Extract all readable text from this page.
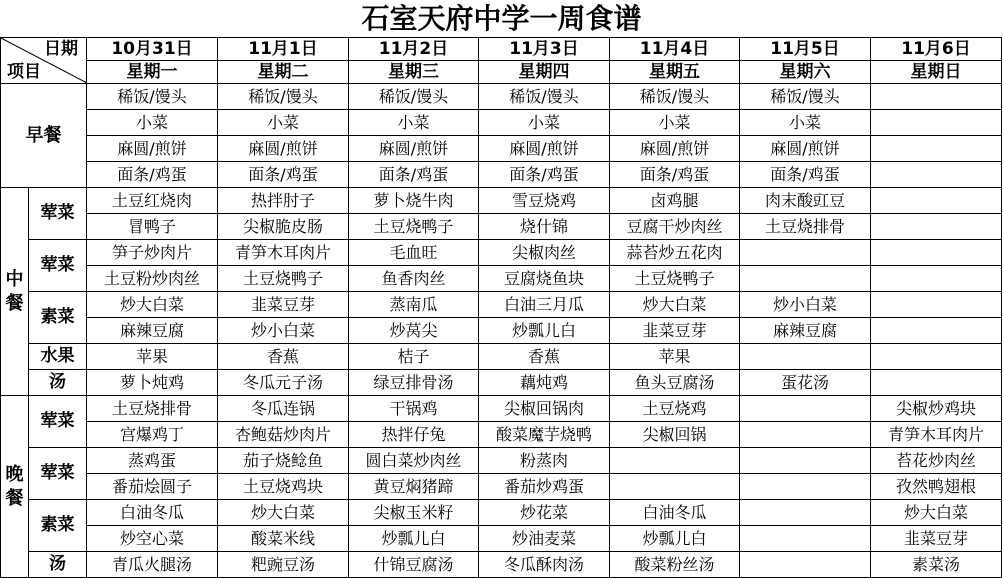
石室天府中学一周食谱
日期
项目		10月31日	11月1日	11月2日	11月3日	11月4日	11月5日	11月6日
		星期一	星期二	星期三	星期四	星期五	星期六	星期日
早餐		稀饭/馒头	稀饭/馒头	稀饭/馒头	稀饭/馒头	稀饭/馒头	稀饭/馒头	
		小菜	小菜	小菜	小菜	小菜	小菜	
		麻圆/煎饼	麻圆/煎饼	麻圆/煎饼	麻圆/煎饼	麻圆/煎饼	麻圆/煎饼	
		面条/鸡蛋	面条/鸡蛋	面条/鸡蛋	面条/鸡蛋	面条/鸡蛋	面条/鸡蛋	
中
餐	荤菜	土豆红烧肉	热拌肘子	萝卜烧牛肉	雪豆烧鸡	卤鸡腿	肉末酸豇豆	
		冒鸭子	尖椒脆皮肠	土豆烧鸭子	烧什锦	豆腐干炒肉丝	土豆烧排骨	
	荤菜	笋子炒肉片	青笋木耳肉片	毛血旺	尖椒肉丝	蒜苔炒五花肉		
		土豆粉炒肉丝	土豆烧鸭子	鱼香肉丝	豆腐烧鱼块	土豆烧鸭子		
	素菜	炒大白菜	韭菜豆芽	蒸南瓜	白油三月瓜	炒大白菜	炒小白菜	
		麻辣豆腐	炒小白菜	炒莴尖	炒瓢儿白	韭菜豆芽	麻辣豆腐	
	水果	苹果	香蕉	桔子	香蕉	苹果		
	汤	萝卜炖鸡	冬瓜元子汤	绿豆排骨汤	藕炖鸡	鱼头豆腐汤	蛋花汤	
晚
餐	荤菜	土豆烧排骨	冬瓜连锅	干锅鸡	尖椒回锅肉	土豆烧鸡		尖椒炒鸡块
		宫爆鸡丁	杏鲍菇炒肉片	热拌仔兔	酸菜魔芋烧鸭	尖椒回锅		青笋木耳肉片
	荤菜	蒸鸡蛋	茄子烧鲶鱼	圆白菜炒肉丝	粉蒸肉			苔花炒肉丝
		番茄烩圆子	土豆烧鸡块	黄豆焖猪蹄	番茄炒鸡蛋			孜然鸭翅根
	素菜	白油冬瓜	炒大白菜	尖椒玉米籽	炒花菜	白油冬瓜		炒大白菜
		炒空心菜	酸菜米线	炒瓢儿白	炒油麦菜	炒瓢儿白		韭菜豆芽
	汤	青瓜火腿汤	粑豌豆汤	什锦豆腐汤	冬瓜酥肉汤	酸菜粉丝汤		素菜汤
